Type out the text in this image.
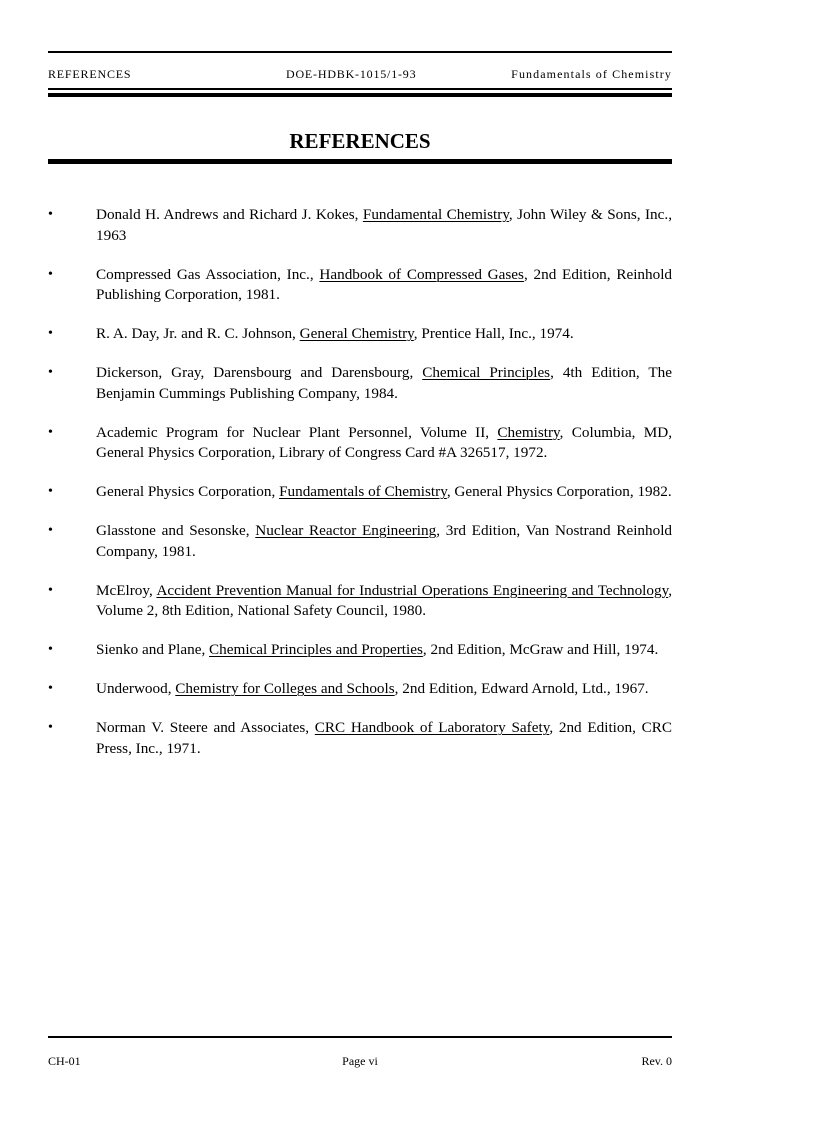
REFERENCES	DOE-HDBK-1015/1-93	Fundamentals of Chemistry
REFERENCES
•	Donald H. Andrews and Richard J. Kokes, Fundamental Chemistry, John Wiley & Sons, Inc., 1963
•	Compressed Gas Association, Inc., Handbook of Compressed Gases, 2nd Edition, Reinhold Publishing Corporation, 1981.
•	R. A. Day, Jr. and R. C. Johnson, General Chemistry, Prentice Hall, Inc., 1974.
•	Dickerson, Gray, Darensbourg and Darensbourg, Chemical Principles, 4th Edition, The Benjamin Cummings Publishing Company, 1984.
•	Academic Program for Nuclear Plant Personnel, Volume II, Chemistry, Columbia, MD, General Physics Corporation, Library of Congress Card #A 326517, 1972.
•	General Physics Corporation, Fundamentals of Chemistry, General Physics Corporation, 1982.
•	Glasstone and Sesonske, Nuclear Reactor Engineering, 3rd Edition, Van Nostrand Reinhold Company, 1981.
•	McElroy, Accident Prevention Manual for Industrial Operations Engineering and Technology, Volume 2, 8th Edition, National Safety Council, 1980.
•	Sienko and Plane, Chemical Principles and Properties, 2nd Edition, McGraw and Hill, 1974.
•	Underwood, Chemistry for Colleges and Schools, 2nd Edition, Edward Arnold, Ltd., 1967.
•	Norman V. Steere and Associates, CRC Handbook of Laboratory Safety, 2nd Edition, CRC Press, Inc., 1971.
CH-01	Page vi	Rev. 0
